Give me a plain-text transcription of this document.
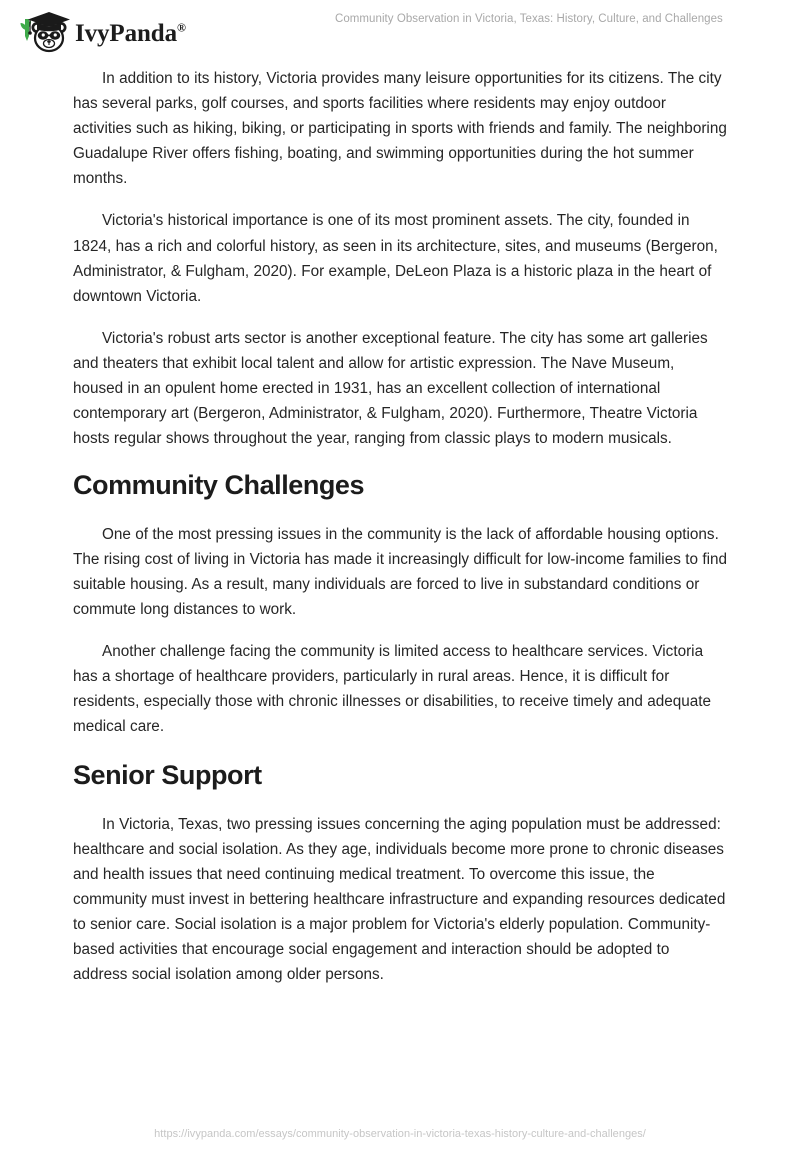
IvyPanda®
Community Observation in Victoria, Texas: History, Culture, and Challenges

In addition to its history, Victoria provides many leisure opportunities for its citizens. The city has several parks, golf courses, and sports facilities where residents may enjoy outdoor activities such as hiking, biking, or participating in sports with friends and family. The neighboring Guadalupe River offers fishing, boating, and swimming opportunities during the hot summer months.

Victoria's historical importance is one of its most prominent assets. The city, founded in 1824, has a rich and colorful history, as seen in its architecture, sites, and museums (Bergeron, Administrator, & Fulgham, 2020). For example, DeLeon Plaza is a historic plaza in the heart of downtown Victoria.

Victoria's robust arts sector is another exceptional feature. The city has some art galleries and theaters that exhibit local talent and allow for artistic expression. The Nave Museum, housed in an opulent home erected in 1931, has an excellent collection of international contemporary art (Bergeron, Administrator, & Fulgham, 2020). Furthermore, Theatre Victoria hosts regular shows throughout the year, ranging from classic plays to modern musicals.

Community Challenges

One of the most pressing issues in the community is the lack of affordable housing options. The rising cost of living in Victoria has made it increasingly difficult for low-income families to find suitable housing. As a result, many individuals are forced to live in substandard conditions or commute long distances to work.

Another challenge facing the community is limited access to healthcare services. Victoria has a shortage of healthcare providers, particularly in rural areas. Hence, it is difficult for residents, especially those with chronic illnesses or disabilities, to receive timely and adequate medical care.

Senior Support

In Victoria, Texas, two pressing issues concerning the aging population must be addressed: healthcare and social isolation. As they age, individuals become more prone to chronic diseases and health issues that need continuing medical treatment. To overcome this issue, the community must invest in bettering healthcare infrastructure and expanding resources dedicated to senior care. Social isolation is a major problem for Victoria's elderly population. Community-based activities that encourage social engagement and interaction should be adopted to address social isolation among older persons.

https://ivypanda.com/essays/community-observation-in-victoria-texas-history-culture-and-challenges/
